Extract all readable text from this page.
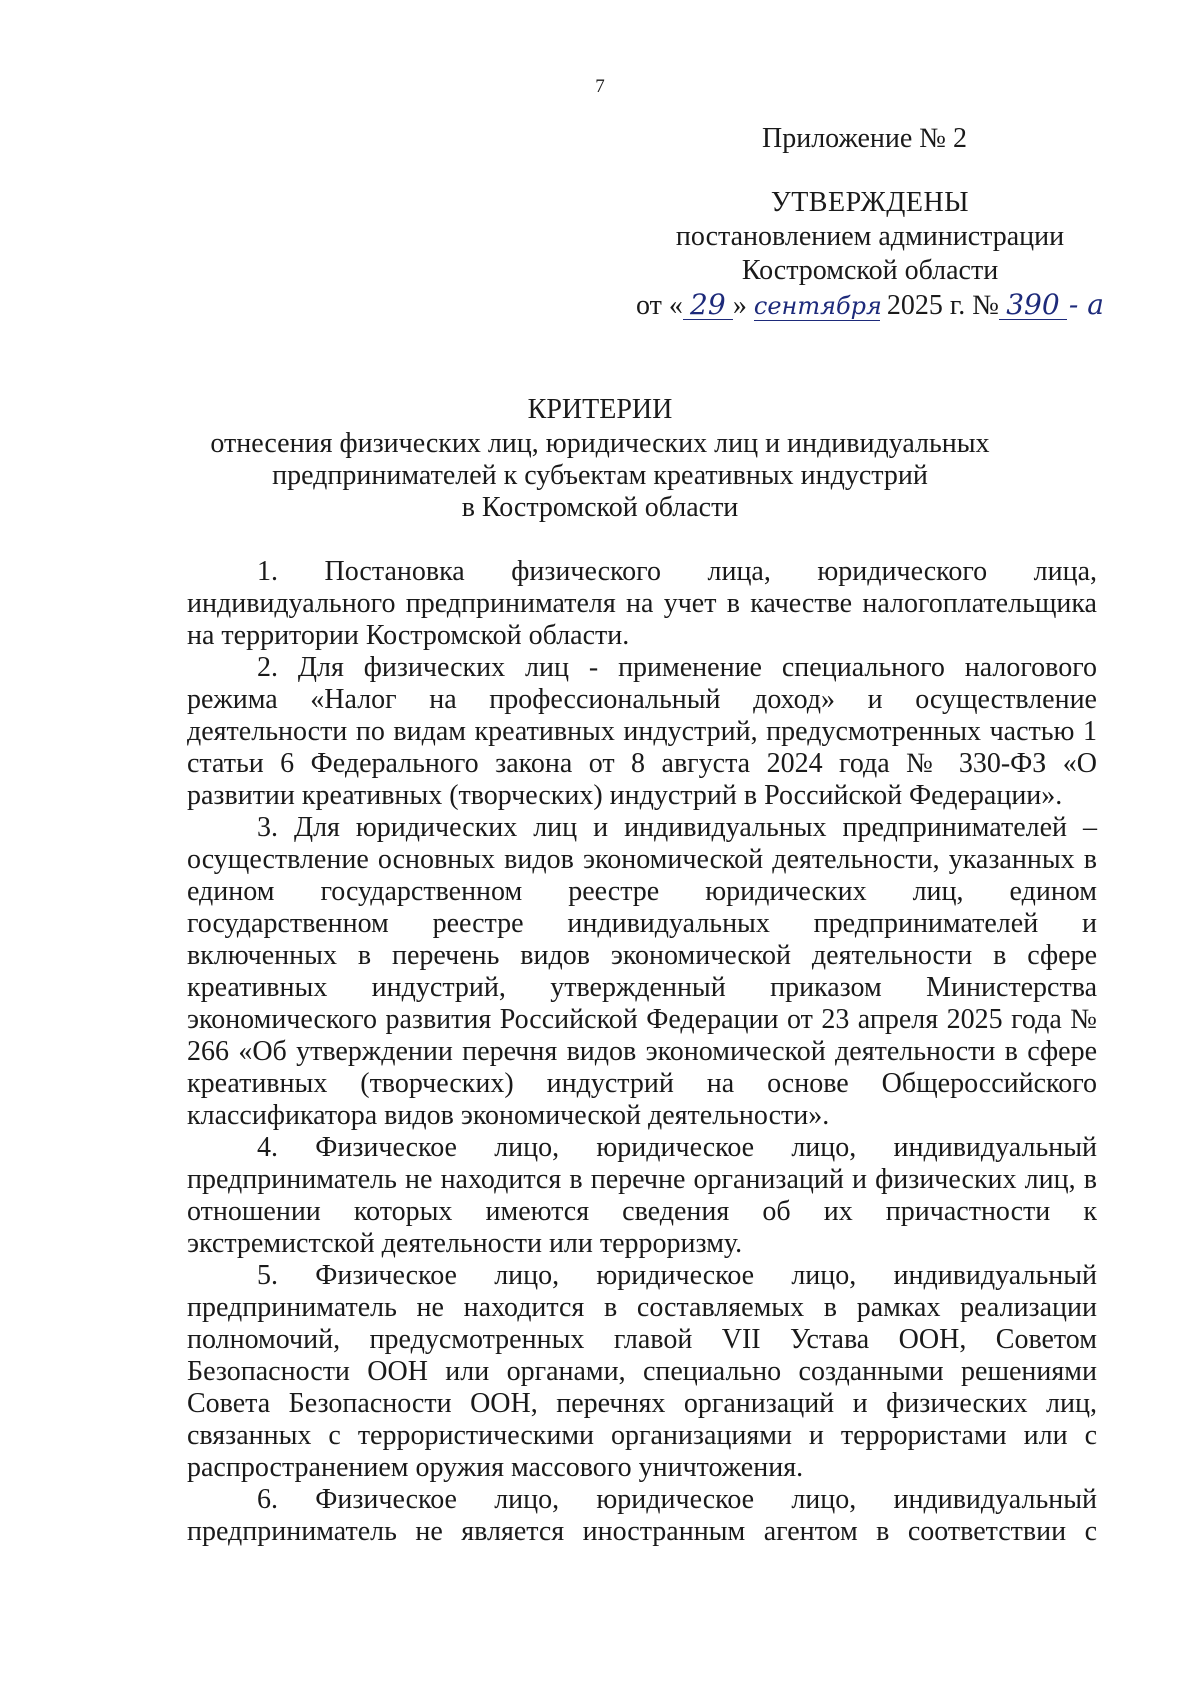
7
Приложение № 2
УТВЕРЖДЕНЫ
постановлением администрации
Костромской области
от « 29 » сентября 2025 г. № 390 - а
КРИТЕРИИ
отнесения физических лиц, юридических лиц и индивидуальных
предпринимателей к субъектам креативных индустрий
в Костромской области

1. Постановка физического лица, юридического лица, индивидуального предпринимателя на учет в качестве налогоплательщика на территории Костромской области.

2. Для физических лиц - применение специального налогового режима «Налог на профессиональный доход» и осуществление деятельности по видам креативных индустрий, предусмотренных частью 1 статьи 6 Федерального закона от 8 августа 2024 года № 330-ФЗ «О развитии креативных (творческих) индустрий в Российской Федерации».

3. Для юридических лиц и индивидуальных предпринимателей – осуществление основных видов экономической деятельности, указанных в едином государственном реестре юридических лиц, едином государственном реестре индивидуальных предпринимателей и включенных в перечень видов экономической деятельности в сфере креативных индустрий, утвержденный приказом Министерства экономического развития Российской Федерации от 23 апреля 2025 года № 266 «Об утверждении перечня видов экономической деятельности в сфере креативных (творческих) индустрий на основе Общероссийского классификатора видов экономической деятельности».

4. Физическое лицо, юридическое лицо, индивидуальный предприниматель не находится в перечне организаций и физических лиц, в отношении которых имеются сведения об их причастности к экстремистской деятельности или терроризму.

5. Физическое лицо, юридическое лицо, индивидуальный предприниматель не находится в составляемых в рамках реализации полномочий, предусмотренных главой VII Устава ООН, Советом Безопасности ООН или органами, специально созданными решениями Совета Безопасности ООН, перечнях организаций и физических лиц, связанных с террористическими организациями и террористами или с распространением оружия массового уничтожения.

6. Физическое лицо, юридическое лицо, индивидуальный предприниматель не является иностранным агентом в соответствии с
